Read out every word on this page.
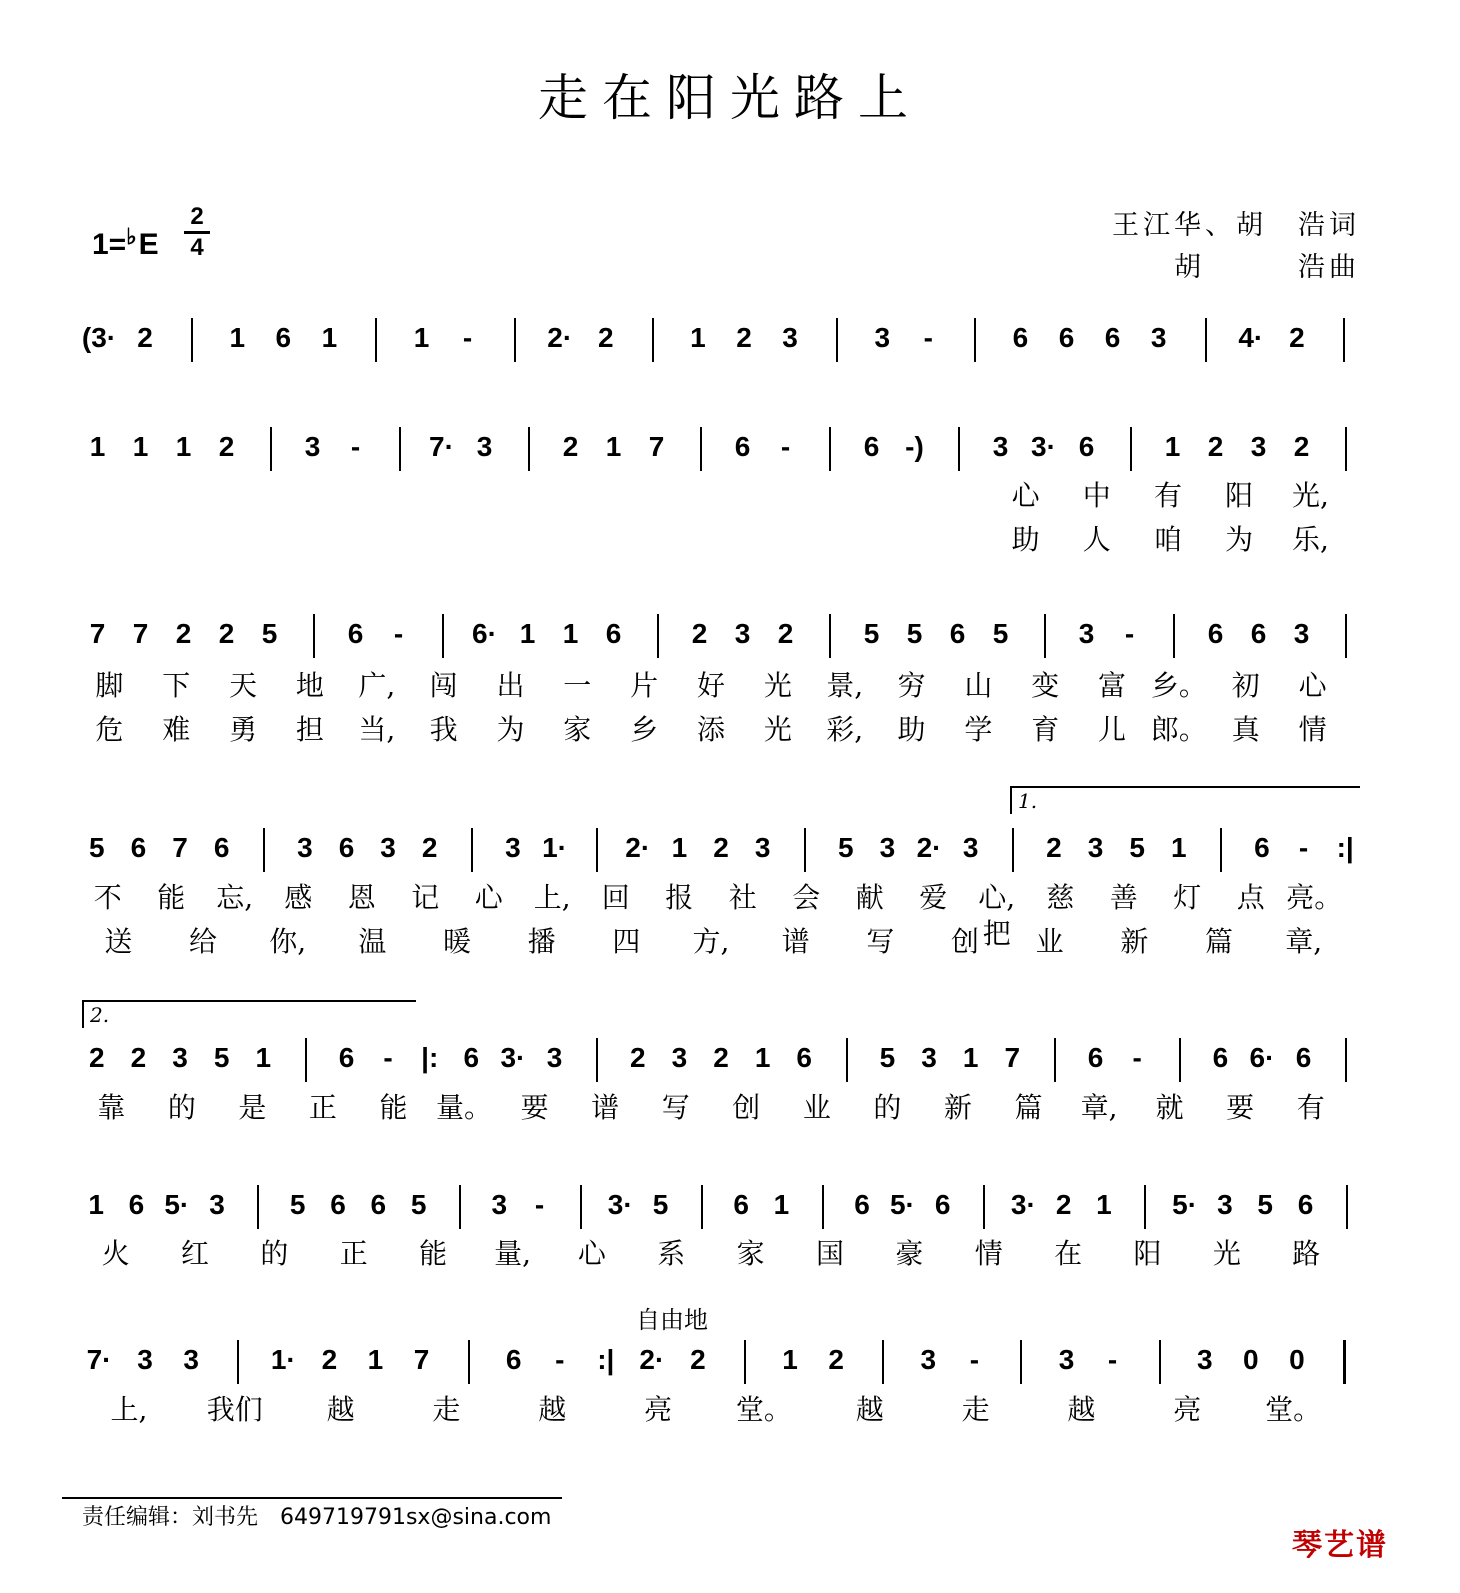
走在阳光路上
1=♭E
2
4
王江华、胡　浩词
胡　　　浩曲
自由地
(3· 2	1	6	1	1	-	2· 2	1	2	3	3	-	6	6	6	3	4· 2
1 1 1 2	3	-	7· 3	2 1 7	6	-	6 -)	3 3· 6	1 2 3 2
心	中	有	阳	光,
助	人	咱	为	乐,
7 7 2 2 5	6	-	6· 1 1 6	2 3 2	5 5 6 5	3	-	6 6 3
脚	下	天	地	广,	闯	出	一	片	好	光	景,	穷	山	变	富 乡。 初	心
危	难	勇	担	当,	我	为	家	乡	添	光	彩,	助	学	育	儿 郎。 真	情
5 6 7 6	3 6 3 2	3 1· 2· 1 2 3	5 3 2· 3	2 3 5 1	6	-	:|
不	能	忘,	感	恩	记	心	上,	回	报	社	会	献	爱	心,把
慈	善	灯	点 亮。
送	给	你,	温	暖	播	四	方,	谱	写	创	业	新	篇	章,
2 2 3 5 1	6	-	|: 6 3· 3	2 3 2 1 6	5 3 1 7	6	-	6 6· 6
靠	的	是	正	能	量。	要	谱	写	创	业	的	新	篇	章,	就	要	有
1 6 5· 3	5 6 6 5	3 -	3· 5	6 1	6 5· 6	3· 2 1	5· 3 5 6
火	红	的	正	能	量,	心	系	家	国	豪	情	在	阳	光	路
7· 3	3	1· 2	1	7	6	-	:| 2· 2	1	2	3	-	3	-	3	0	0
上,	我们	越	走	越	亮	堂。	越	走	越	亮	堂。
1.
2.
责任编辑：刘书先　649719791sx@sina.com
琴艺谱
